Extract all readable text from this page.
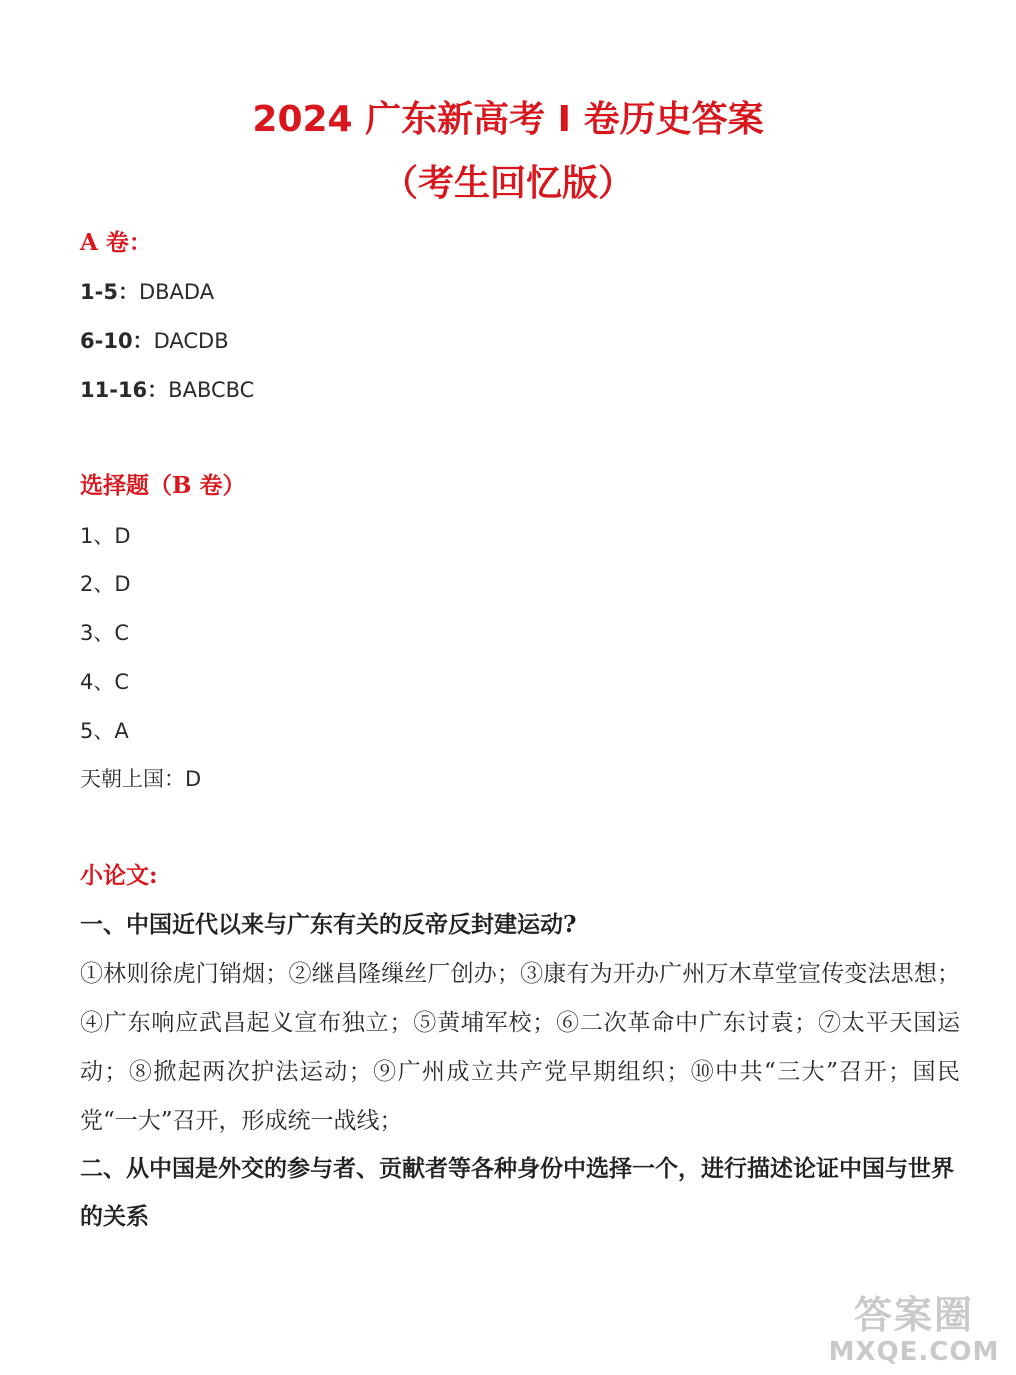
2024 广东新高考 I 卷历史答案
（考生回忆版）

A 卷：

1-5：DBADA

6-10：DACDB

11-16：BABCBC

选择题（B 卷）

1、D

2、D

3、C

4、C

5、A

天朝上国：D

小论文:

一、中国近代以来与广东有关的反帝反封建运动?

①林则徐虎门销烟；②继昌隆缫丝厂创办；③康有为开办广州万木草堂宣传变法思想；④广东响应武昌起义宣布独立；⑤黄埔军校；⑥二次革命中广东讨袁；⑦太平天国运动；⑧掀起两次护法运动；⑨广州成立共产党早期组织；⑩中共“三大”召开；国民党“一大”召开，形成统一战线；

二、从中国是外交的参与者、贡献者等各种身份中选择一个，进行描述论证中国与世界的关系

答案圈
MXQE.COM
